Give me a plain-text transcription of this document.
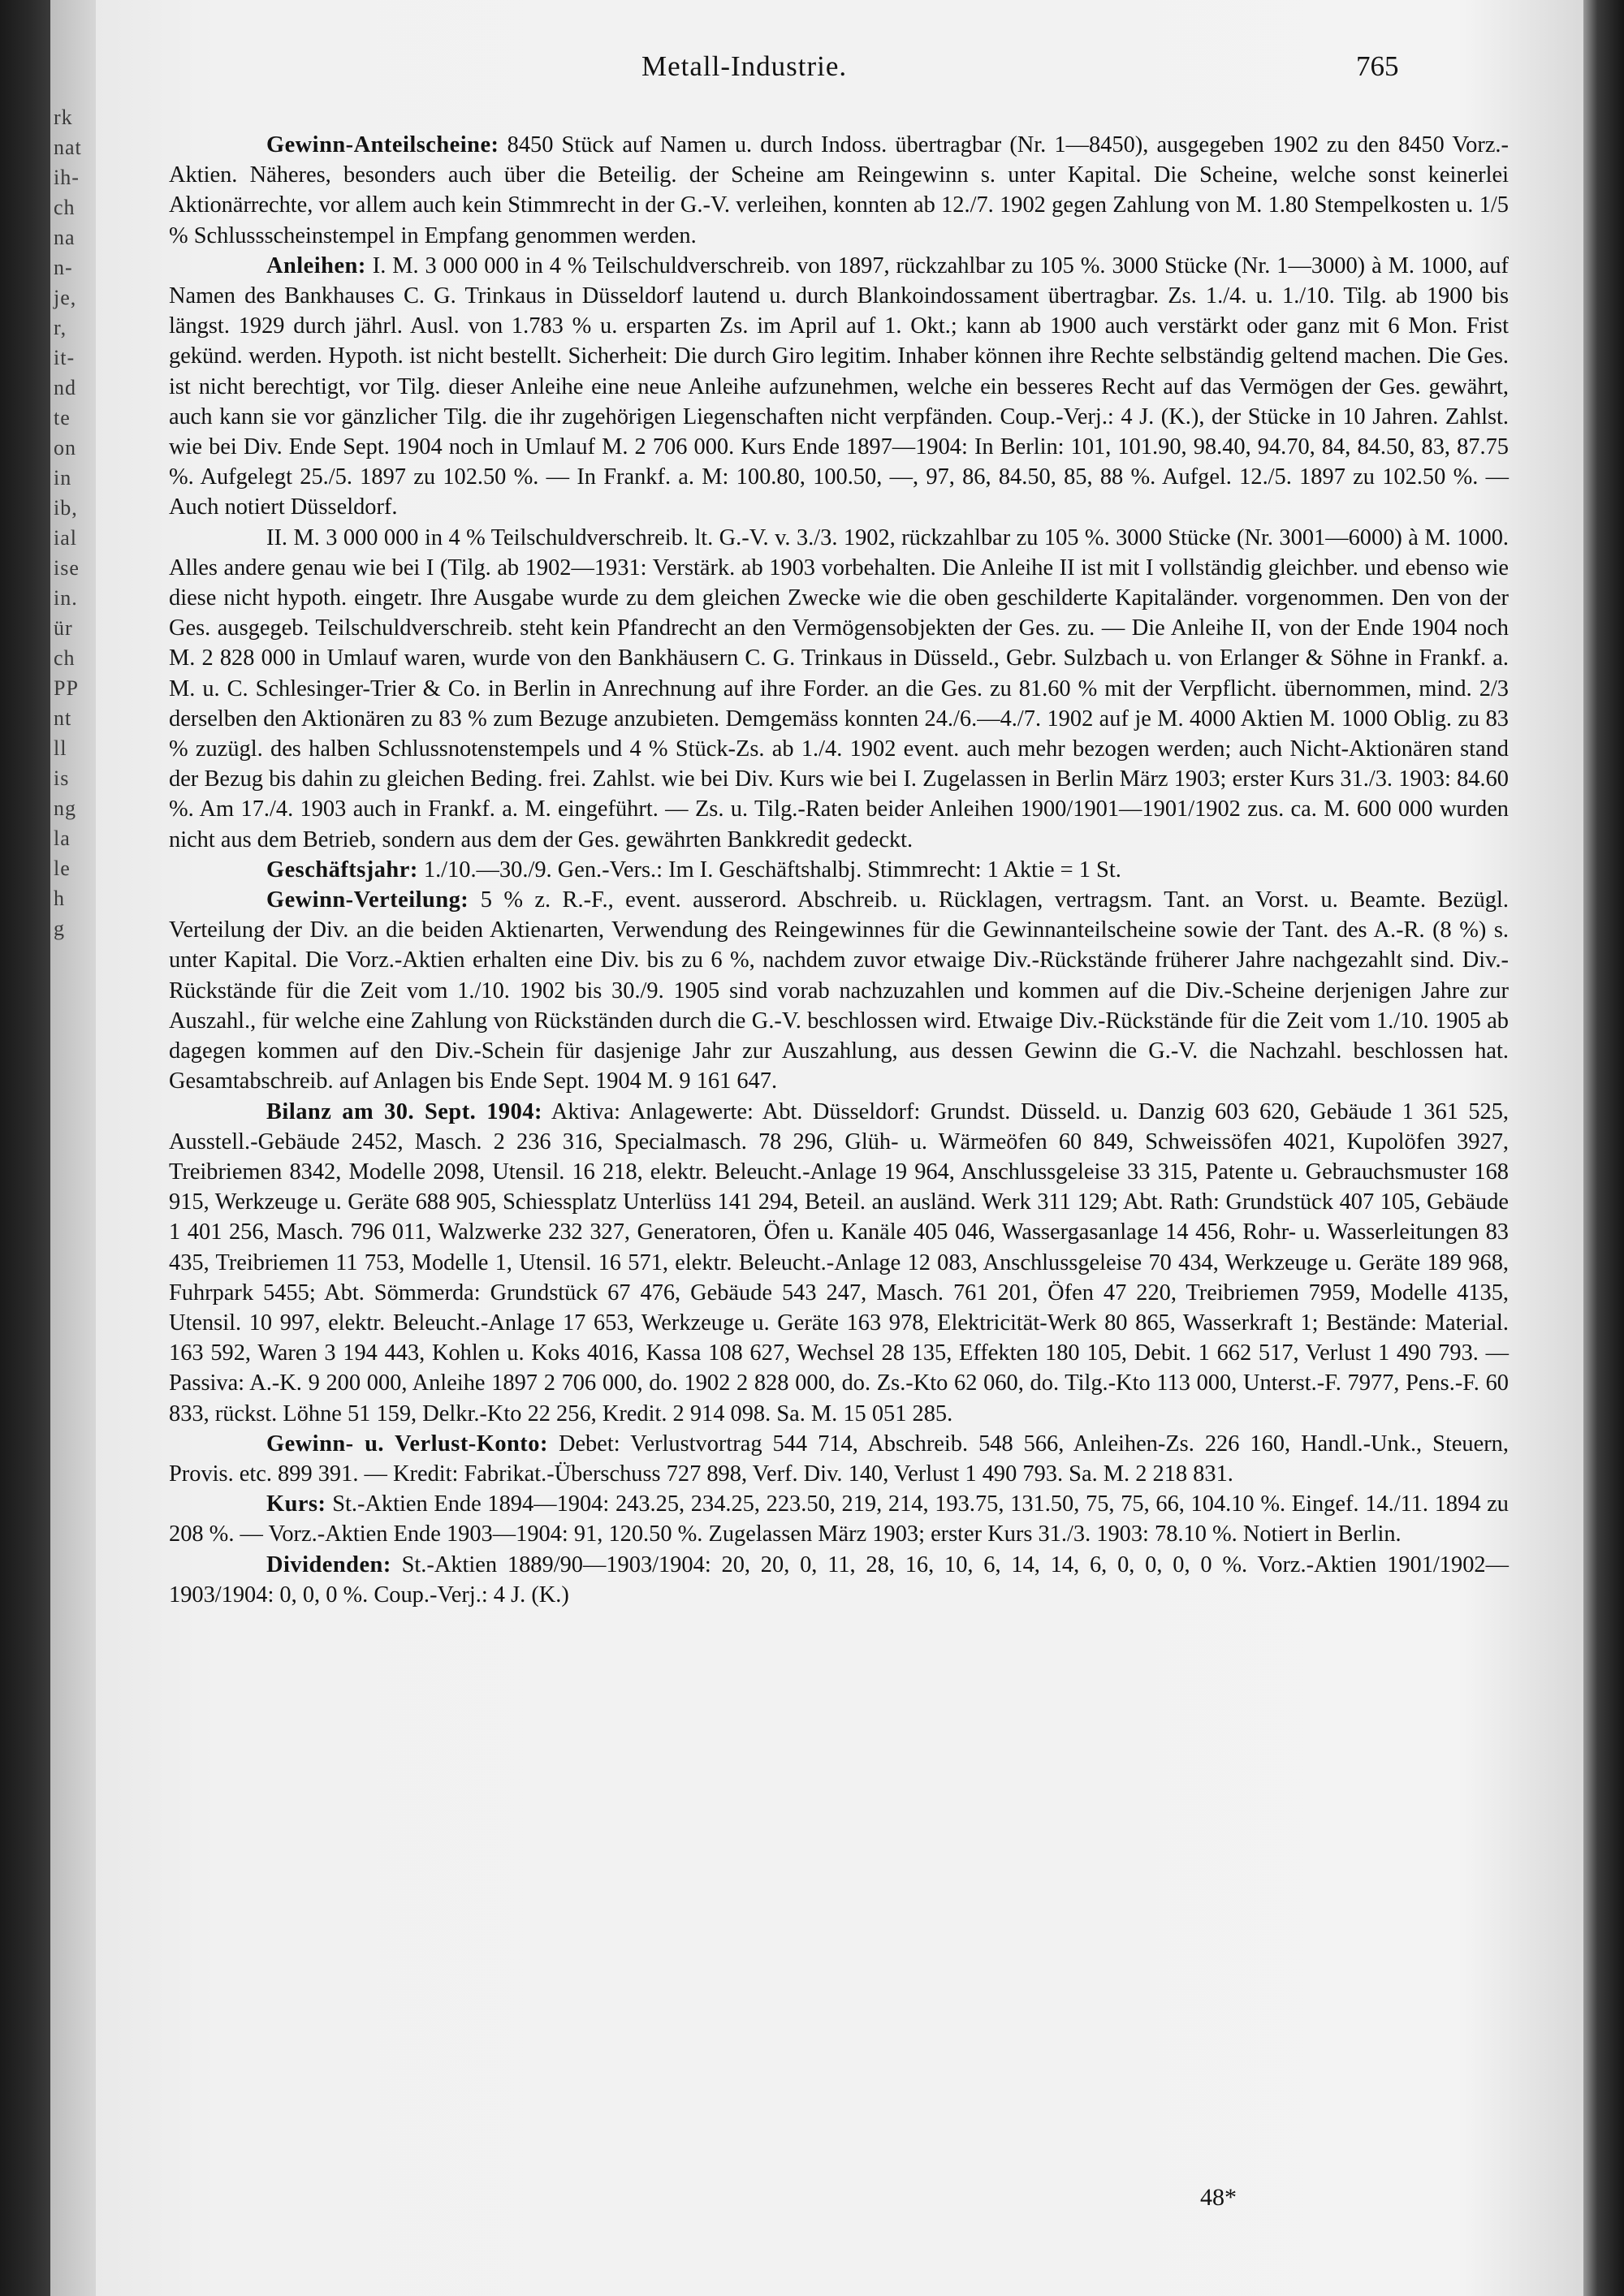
rk
nat
ih-
ch
na
n-
je,
r,
it-
nd
te
on
in
ib,
ial
ise
in.
ür
ch
PP
nt
ll
is
ng
la
le
h
g
Metall-Industrie.	765

Gewinn-Anteilscheine: 8450 Stück auf Namen u. durch Indoss. übertragbar (Nr. 1—8450), ausgegeben 1902 zu den 8450 Vorz.-Aktien. Näheres, besonders auch über die Beteilig. der Scheine am Reingewinn s. unter Kapital. Die Scheine, welche sonst keinerlei Aktionärrechte, vor allem auch kein Stimmrecht in der G.-V. verleihen, konnten ab 12./7. 1902 gegen Zahlung von M. 1.80 Stempelkosten u. 1/5 % Schlussscheinstempel in Empfang genommen werden.

Anleihen: I. M. 3 000 000 in 4 % Teilschuldverschreib. von 1897, rückzahlbar zu 105 %. 3000 Stücke (Nr. 1—3000) à M. 1000, auf Namen des Bankhauses C. G. Trinkaus in Düsseldorf lautend u. durch Blankoindossament übertragbar. Zs. 1./4. u. 1./10. Tilg. ab 1900 bis längst. 1929 durch jährl. Ausl. von 1.783 % u. ersparten Zs. im April auf 1. Okt.; kann ab 1900 auch verstärkt oder ganz mit 6 Mon. Frist gekünd. werden. Hypoth. ist nicht bestellt. Sicherheit: Die durch Giro legitim. Inhaber können ihre Rechte selbständig geltend machen. Die Ges. ist nicht berechtigt, vor Tilg. dieser Anleihe eine neue Anleihe aufzunehmen, welche ein besseres Recht auf das Vermögen der Ges. gewährt, auch kann sie vor gänzlicher Tilg. die ihr zugehörigen Liegenschaften nicht verpfänden. Coup.-Verj.: 4 J. (K.), der Stücke in 10 Jahren. Zahlst. wie bei Div. Ende Sept. 1904 noch in Umlauf M. 2 706 000. Kurs Ende 1897—1904: In Berlin: 101, 101.90, 98.40, 94.70, 84, 84.50, 83, 87.75 %. Aufgelegt 25./5. 1897 zu 102.50 %. — In Frankf. a. M: 100.80, 100.50, —, 97, 86, 84.50, 85, 88 %. Aufgel. 12./5. 1897 zu 102.50 %. — Auch notiert Düsseldorf.

II. M. 3 000 000 in 4 % Teilschuldverschreib. lt. G.-V. v. 3./3. 1902, rückzahlbar zu 105 %. 3000 Stücke (Nr. 3001—6000) à M. 1000. Alles andere genau wie bei I (Tilg. ab 1902—1931: Verstärk. ab 1903 vorbehalten. Die Anleihe II ist mit I vollständig gleichber. und ebenso wie diese nicht hypoth. eingetr. Ihre Ausgabe wurde zu dem gleichen Zwecke wie die oben geschilderte Kapitaländer. vorgenommen. Den von der Ges. ausgegeb. Teilschuldverschreib. steht kein Pfandrecht an den Vermögensobjekten der Ges. zu. — Die Anleihe II, von der Ende 1904 noch M. 2 828 000 in Umlauf waren, wurde von den Bankhäusern C. G. Trinkaus in Düsseld., Gebr. Sulzbach u. von Erlanger & Söhne in Frankf. a. M. u. C. Schlesinger-Trier & Co. in Berlin in Anrechnung auf ihre Forder. an die Ges. zu 81.60 % mit der Verpflicht. übernommen, mind. 2/3 derselben den Aktionären zu 83 % zum Bezuge anzubieten. Demgemäss konnten 24./6.—4./7. 1902 auf je M. 4000 Aktien M. 1000 Oblig. zu 83 % zuzügl. des halben Schlussnotenstempels und 4 % Stück-Zs. ab 1./4. 1902 event. auch mehr bezogen werden; auch Nicht-Aktionären stand der Bezug bis dahin zu gleichen Beding. frei. Zahlst. wie bei Div. Kurs wie bei I. Zugelassen in Berlin März 1903; erster Kurs 31./3. 1903: 84.60 %. Am 17./4. 1903 auch in Frankf. a. M. eingeführt. — Zs. u. Tilg.-Raten beider Anleihen 1900/1901—1901/1902 zus. ca. M. 600 000 wurden nicht aus dem Betrieb, sondern aus dem der Ges. gewährten Bankkredit gedeckt.

Geschäftsjahr: 1./10.—30./9. Gen.-Vers.: Im I. Geschäftshalbj. Stimmrecht: 1 Aktie = 1 St.

Gewinn-Verteilung: 5 % z. R.-F., event. ausserord. Abschreib. u. Rücklagen, vertragsm. Tant. an Vorst. u. Beamte. Bezügl. Verteilung der Div. an die beiden Aktienarten, Verwendung des Reingewinnes für die Gewinnanteilscheine sowie der Tant. des A.-R. (8 %) s. unter Kapital. Die Vorz.-Aktien erhalten eine Div. bis zu 6 %, nachdem zuvor etwaige Div.-Rückstände früherer Jahre nachgezahlt sind. Div.-Rückstände für die Zeit vom 1./10. 1902 bis 30./9. 1905 sind vorab nachzuzahlen und kommen auf die Div.-Scheine derjenigen Jahre zur Auszahl., für welche eine Zahlung von Rückständen durch die G.-V. beschlossen wird. Etwaige Div.-Rückstände für die Zeit vom 1./10. 1905 ab dagegen kommen auf den Div.-Schein für dasjenige Jahr zur Auszahlung, aus dessen Gewinn die G.-V. die Nachzahl. beschlossen hat. Gesamtabschreib. auf Anlagen bis Ende Sept. 1904 M. 9 161 647.

Bilanz am 30. Sept. 1904: Aktiva: Anlagewerte: Abt. Düsseldorf: Grundst. Düsseld. u. Danzig 603 620, Gebäude 1 361 525, Ausstell.-Gebäude 2452, Masch. 2 236 316, Specialmasch. 78 296, Glüh- u. Wärmeöfen 60 849, Schweissöfen 4021, Kupolöfen 3927, Treibriemen 8342, Modelle 2098, Utensil. 16 218, elektr. Beleucht.-Anlage 19 964, Anschlussgeleise 33 315, Patente u. Gebrauchsmuster 168 915, Werkzeuge u. Geräte 688 905, Schiessplatz Unterlüss 141 294, Beteil. an ausländ. Werk 311 129; Abt. Rath: Grundstück 407 105, Gebäude 1 401 256, Masch. 796 011, Walzwerke 232 327, Generatoren, Öfen u. Kanäle 405 046, Wassergasanlage 14 456, Rohr- u. Wasserleitungen 83 435, Treibriemen 11 753, Modelle 1, Utensil. 16 571, elektr. Beleucht.-Anlage 12 083, Anschlussgeleise 70 434, Werkzeuge u. Geräte 189 968, Fuhrpark 5455; Abt. Sömmerda: Grundstück 67 476, Gebäude 543 247, Masch. 761 201, Öfen 47 220, Treibriemen 7959, Modelle 4135, Utensil. 10 997, elektr. Beleucht.-Anlage 17 653, Werkzeuge u. Geräte 163 978, Elektricität-Werk 80 865, Wasserkraft 1; Bestände: Material. 163 592, Waren 3 194 443, Kohlen u. Koks 4016, Kassa 108 627, Wechsel 28 135, Effekten 180 105, Debit. 1 662 517, Verlust 1 490 793. — Passiva: A.-K. 9 200 000, Anleihe 1897 2 706 000, do. 1902 2 828 000, do. Zs.-Kto 62 060, do. Tilg.-Kto 113 000, Unterst.-F. 7977, Pens.-F. 60 833, rückst. Löhne 51 159, Delkr.-Kto 22 256, Kredit. 2 914 098. Sa. M. 15 051 285.

Gewinn- u. Verlust-Konto: Debet: Verlustvortrag 544 714, Abschreib. 548 566, Anleihen-Zs. 226 160, Handl.-Unk., Steuern, Provis. etc. 899 391. — Kredit: Fabrikat.-Überschuss 727 898, Verf. Div. 140, Verlust 1 490 793. Sa. M. 2 218 831.

Kurs: St.-Aktien Ende 1894—1904: 243.25, 234.25, 223.50, 219, 214, 193.75, 131.50, 75, 75, 66, 104.10 %. Eingef. 14./11. 1894 zu 208 %. — Vorz.-Aktien Ende 1903—1904: 91, 120.50 %. Zugelassen März 1903; erster Kurs 31./3. 1903: 78.10 %. Notiert in Berlin.

Dividenden: St.-Aktien 1889/90—1903/1904: 20, 20, 0, 11, 28, 16, 10, 6, 14, 14, 6, 0, 0, 0, 0 %. Vorz.-Aktien 1901/1902—1903/1904: 0, 0, 0 %. Coup.-Verj.: 4 J. (K.)

48*
